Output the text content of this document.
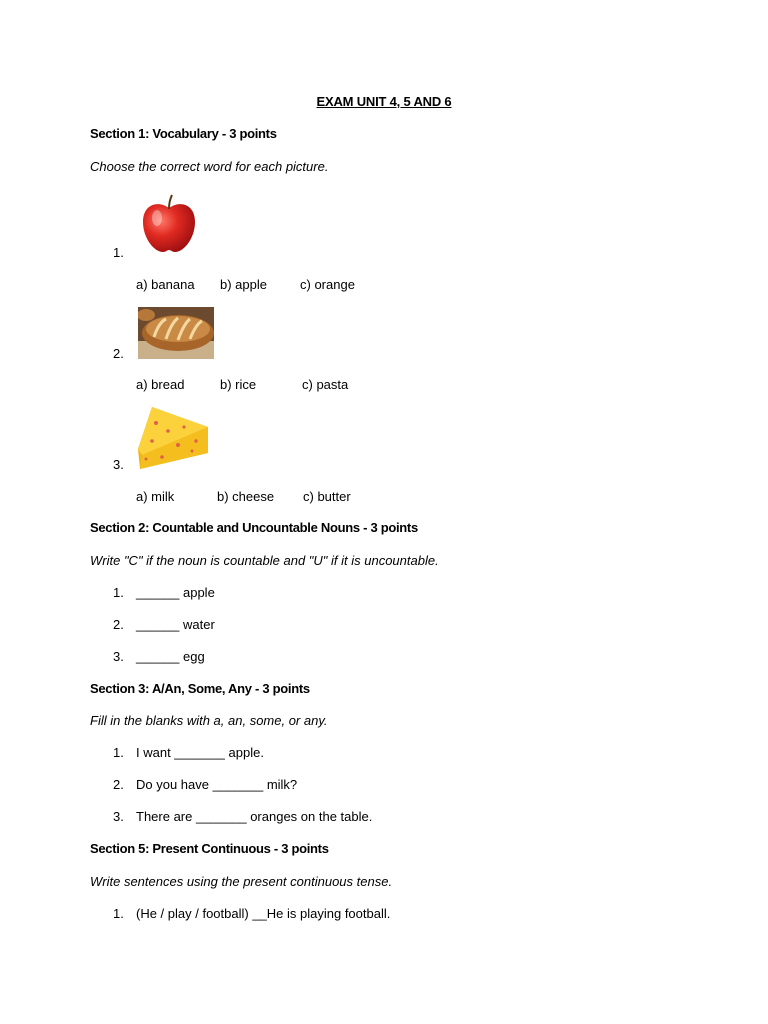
EXAM UNIT 4, 5 AND 6
Section 1: Vocabulary - 3 points
Choose the correct word for each picture.
1.
a) banana b) apple	c) orange
2.
a) bread	b) rice	c) pasta
3.
a) milk	b) cheese c) butter
Section 2: Countable and Uncountable Nouns - 3 points
Write "C" if the noun is countable and "U" if it is uncountable.
1. ______ apple
2. ______ water
3. ______ egg
Section 3: A/An, Some, Any - 3 points
Fill in the blanks with a, an, some, or any.
1. I want _______ apple.
2. Do you have _______ milk?
3. There are _______ oranges on the table.
Section 5: Present Continuous - 3 points
Write sentences using the present continuous tense.
1. (He / play / football) __He is playing football.
